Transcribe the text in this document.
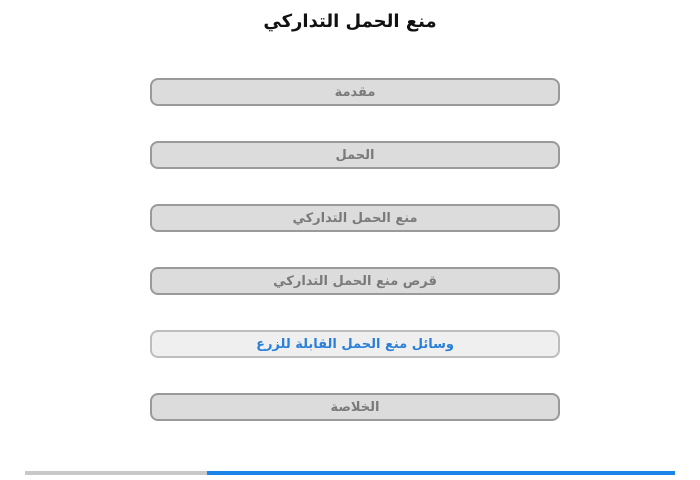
منع الحمل التداركي
مقدمة
الحمل
منع الحمل التداركي
قرص منع الحمل التداركي
وسائل منع الحمل القابلة للزرع
الخلاصة
